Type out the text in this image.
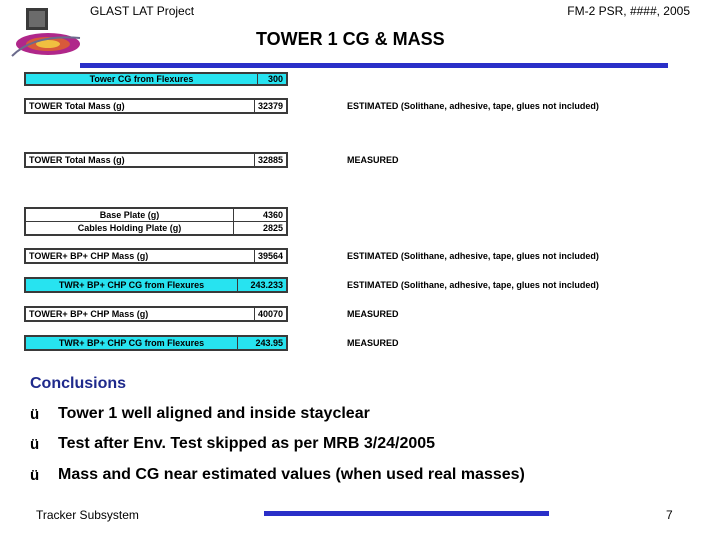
GLAST LAT Project	FM-2 PSR, ####, 2005
TOWER 1 CG & MASS
Tower CG from Flexures	300
TOWER Total Mass (g)	32379	ESTIMATED (Solithane, adhesive, tape, glues not included)
TOWER Total Mass (g)	32885	MEASURED
Base Plate (g)	4360
Cables Holding Plate (g)	2825
TOWER+ BP+ CHP Mass (g)	39564	ESTIMATED (Solithane, adhesive, tape, glues not included)
TWR+ BP+ CHP CG from Flexures	243.233	ESTIMATED (Solithane, adhesive, tape, glues not included)
TOWER+ BP+ CHP Mass (g)	40070	MEASURED
TWR+ BP+ CHP CG from Flexures	243.95	MEASURED
Conclusions
ü	Tower 1 well aligned and inside stayclear
ü	Test after Env. Test skipped as per MRB 3/24/2005
ü	Mass and CG near estimated values (when used real masses)
Tracker Subsystem	7
